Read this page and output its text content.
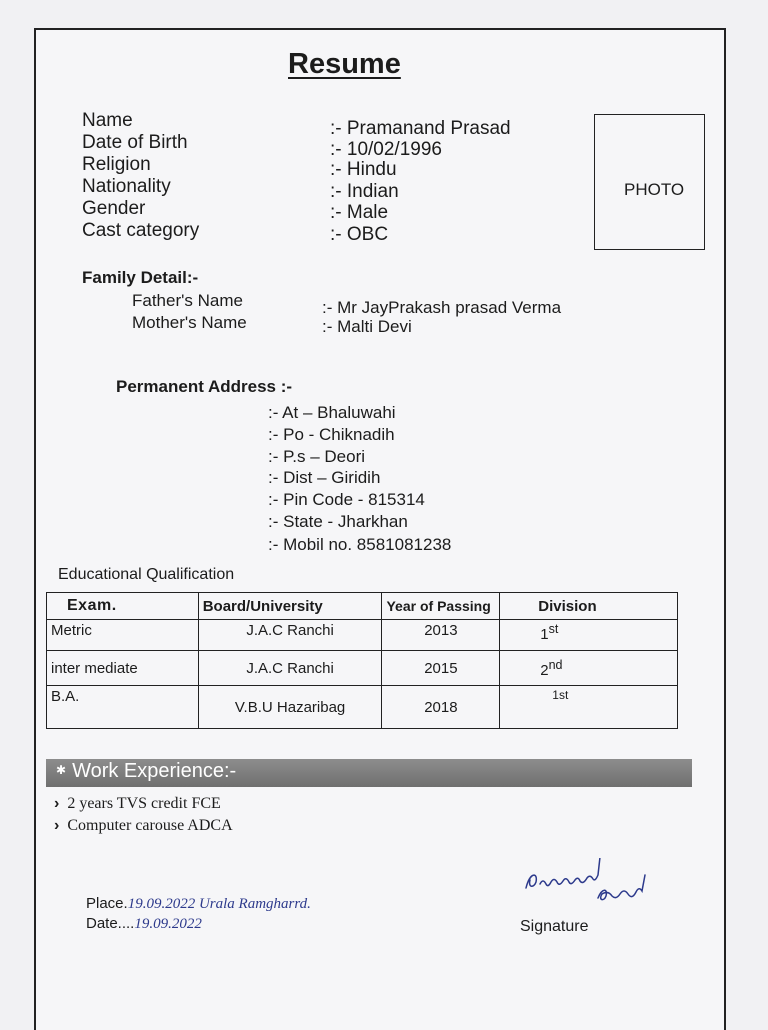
Resume
Name	:- Pramanand Prasad
Date of Birth	:- 10/02/1996
Religion	:- Hindu
Nationality	:- Indian
Gender	:- Male
Cast category	:- OBC
PHOTO
Family Detail:-
Father's Name	:- Mr JayPrakash prasad Verma
Mother's Name	:- Malti Devi
Permanent Address :-
:- At – Bhaluwahi
:- Po - Chiknadih
:- P.s – Deori
:- Dist – Giridih
:- Pin Code - 815314
:- State - Jharkhan
:- Mobil no. 8581081238
Educational Qualification
Exam.	Board/University	Year of Passing	Division
Metric	J.A.C Ranchi	2013	1st
inter mediate	J.A.C Ranchi	2015	2nd
B.A.	V.B.U Hazaribag	2018	1st
✱ Work Experience:-
› 2 years TVS credit FCE
› Computer carouse ADCA
Place.19.09.2022 Urala Ramgharrd.
Date....19.09.2022	Signature
